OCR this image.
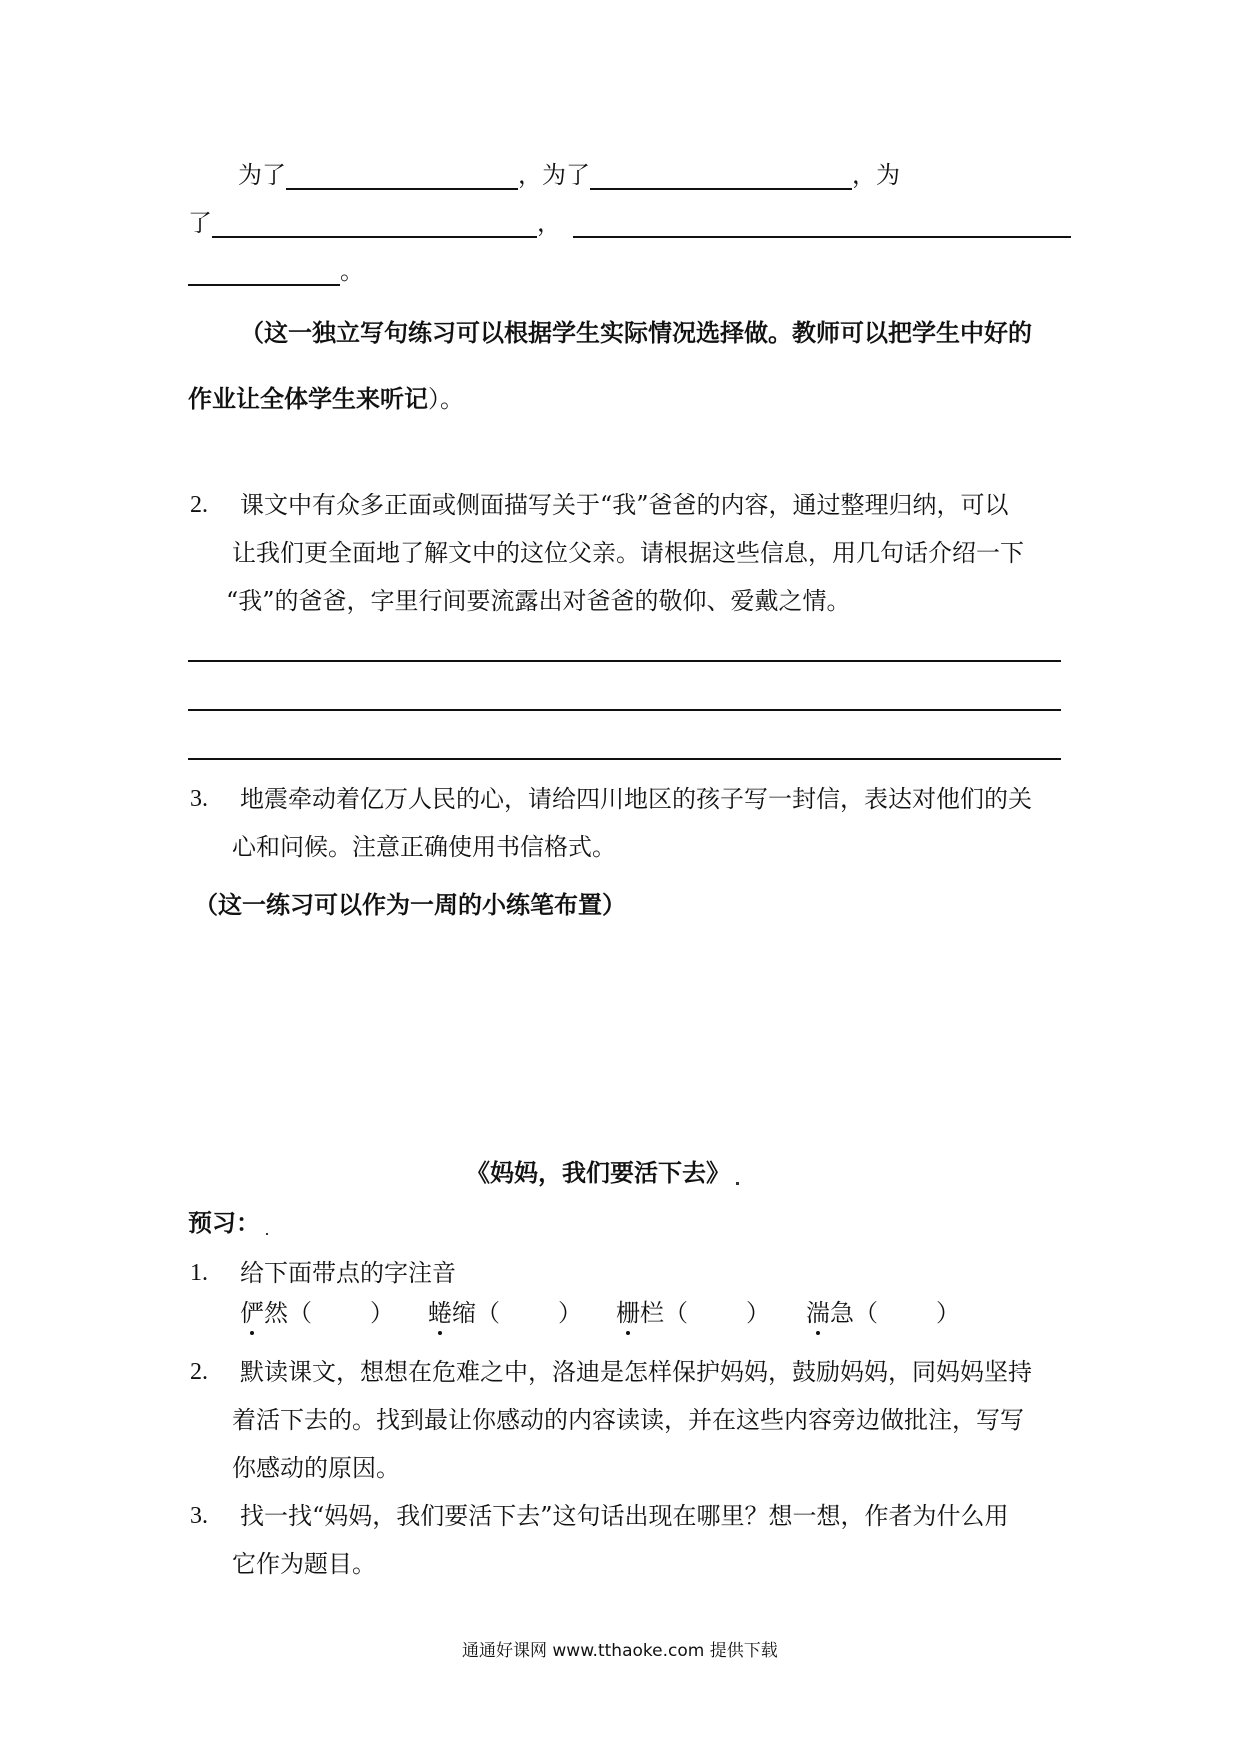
为了	，为了	，为
了	，
。
（这一独立写句练习可以根据学生实际情况选择做。教师可以把学生中好的
作业让全体学生来听记）。
2. 课文中有众多正面或侧面描写关于“我”爸爸的内容，通过整理归纳，可以
让我们更全面地了解文中的这位父亲。请根据这些信息，用几句话介绍一下
“我”的爸爸，字里行间要流露出对爸爸的敬仰、爱戴之情。
3. 地震牵动着亿万人民的心，请给四川地区的孩子写一封信，表达对他们的关
心和问候。注意正确使用书信格式。
（这一练习可以作为一周的小练笔布置）
《妈妈，我们要活下去》
预习：
1. 给下面带点的字注音
俨然（ ） 蜷缩（ ） 栅栏（ ） 湍急（ ）
2. 默读课文，想想在危难之中，洛迪是怎样保护妈妈，鼓励妈妈，同妈妈坚持
着活下去的。找到最让你感动的内容读读，并在这些内容旁边做批注，写写
你感动的原因。
3. 找一找“妈妈，我们要活下去”这句话出现在哪里？想一想，作者为什么用
它作为题目。
通通好课网 www.tthaoke.com 提供下载
